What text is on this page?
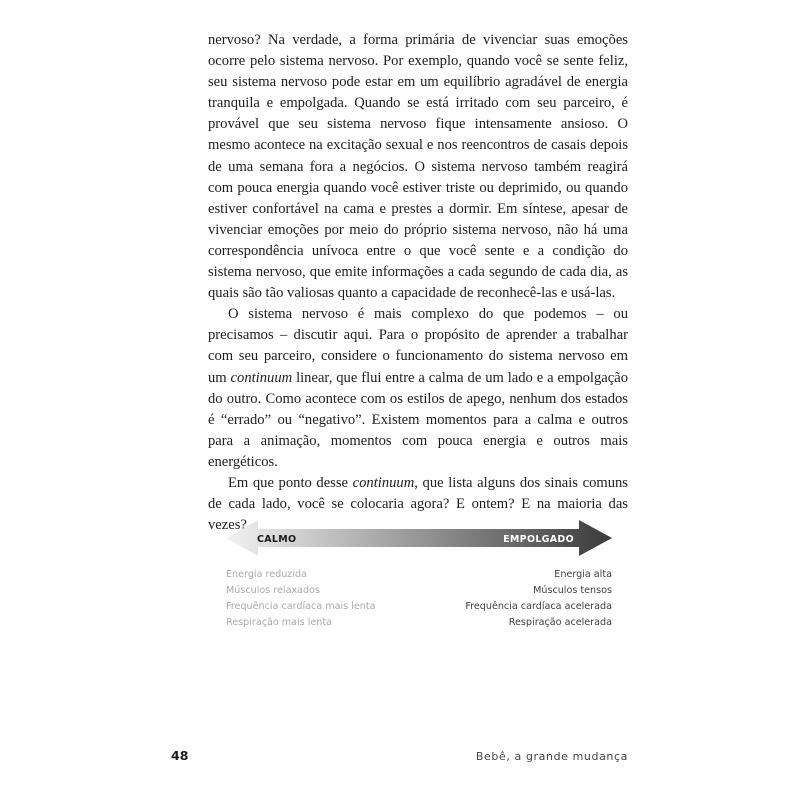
nervoso? Na verdade, a forma primária de vivenciar suas emoções ocorre pelo sistema nervoso. Por exemplo, quando você se sente feliz, seu sistema nervoso pode estar em um equilíbrio agradável de energia tranquila e empolgada. Quando se está irritado com seu parceiro, é provável que seu sistema nervoso fique intensamente ansioso. O mesmo acontece na excitação sexual e nos reencontros de casais depois de uma semana fora a negócios. O sistema nervoso também reagirá com pouca energia quando você estiver triste ou deprimido, ou quando estiver confortável na cama e prestes a dormir. Em síntese, apesar de vivenciar emoções por meio do próprio sistema nervoso, não há uma correspondência unívoca entre o que você sente e a condição do sistema nervoso, que emite informações a cada segundo de cada dia, as quais são tão valiosas quanto a capacidade de reconhecê-las e usá-las.

O sistema nervoso é mais complexo do que podemos – ou precisamos – discutir aqui. Para o propósito de aprender a trabalhar com seu parceiro, considere o funcionamento do sistema nervoso em um continuum linear, que flui entre a calma de um lado e a empolgação do outro. Como acontece com os estilos de apego, nenhum dos estados é “errado” ou “negativo”. Existem momentos para a calma e outros para a animação, momentos com pouca energia e outros mais energéticos.

Em que ponto desse continuum, que lista alguns dos sinais comuns de cada lado, você se colocaria agora? E ontem? E na maioria das vezes?

CALMO	EMPOLGADO
Energia reduzida
Músculos relaxados
Frequência cardíaca mais lenta
Respiração mais lenta
Energia alta
Músculos tensos
Frequência cardíaca acelerada
Respiração acelerada
48	Bebê, a grande mudança
